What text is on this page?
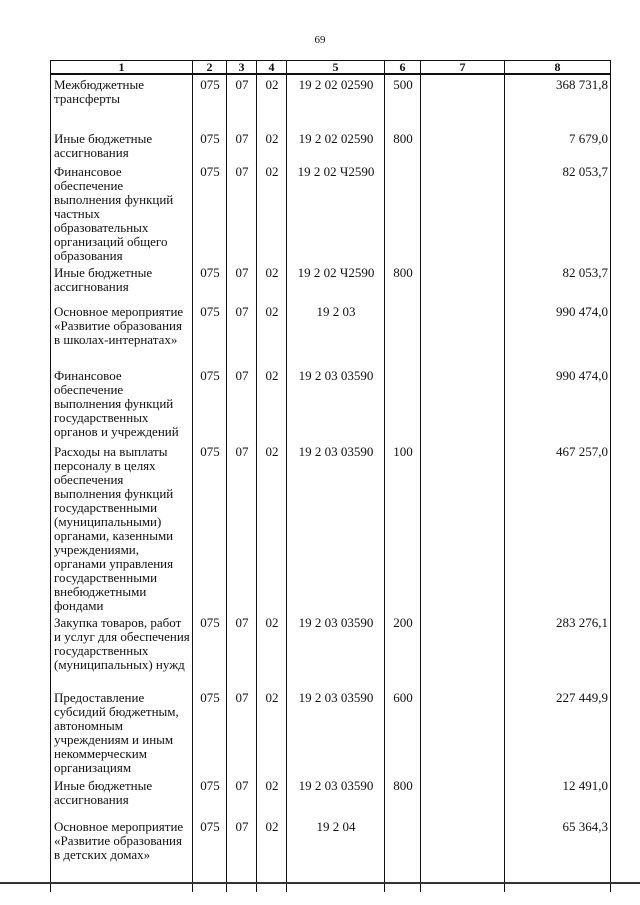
69
1	2	3	4	5	6	7	8
Межбюджетные трансферты	075	07	02	19 2 02 02590	500		368 731,8
Иные бюджетные ассигнования	075	07	02	19 2 02 02590	800		7 679,0
Финансовое обеспечение выполнения функций частных образовательных организаций общего образования	075	07	02	19 2 02 Ч2590			82 053,7
Иные бюджетные ассигнования	075	07	02	19 2 02 Ч2590	800		82 053,7
Основное мероприятие «Развитие образования в школах-интернатах»	075	07	02	19 2 03			990 474,0
Финансовое обеспечение выполнения функций государственных органов и учреждений	075	07	02	19 2 03 03590			990 474,0
Расходы на выплаты персоналу в целях обеспечения выполнения функций государственными (муниципальными) органами, казенными учреждениями, органами управления государственными внебюджетными фондами	075	07	02	19 2 03 03590	100		467 257,0
Закупка товаров, работ и услуг для обеспечения государственных (муниципальных) нужд	075	07	02	19 2 03 03590	200		283 276,1
Предоставление субсидий бюджетным, автономным учреждениям и иным некоммерческим организациям	075	07	02	19 2 03 03590	600		227 449,9
Иные бюджетные ассигнования	075	07	02	19 2 03 03590	800		12 491,0
Основное мероприятие «Развитие образования в детских домах»	075	07	02	19 2 04			65 364,3
